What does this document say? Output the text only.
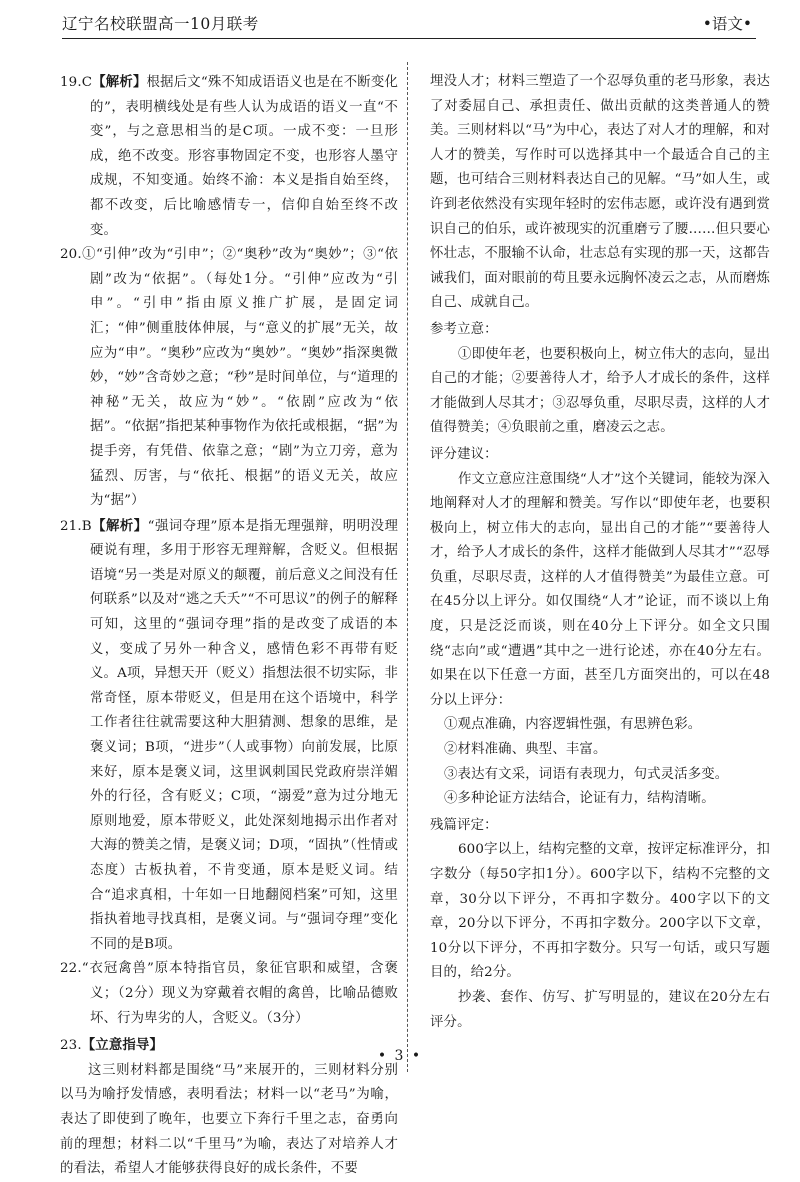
辽宁名校联盟高一10月联考	•语文•

19.C【解析】根据后文“殊不知成语语义也是在不断变化的”，表明横线处是有些人认为成语的语义一直“不变”，与之意思相当的是C项。一成不变：一旦形成，绝不改变。形容事物固定不变，也形容人墨守成规，不知变通。始终不渝：本义是指自始至终，都不改变，后比喻感情专一，信仰自始至终不改变。

20.①“引伸”改为“引申”；②“奥秒”改为“奥妙”；③“依剧”改为“依据”。（每处1分。“引伸”应改为“引申”。“引申”指由原义推广扩展，是固定词汇；“伸”侧重肢体伸展，与“意义的扩展”无关，故应为“申”。“奥秒”应改为“奥妙”。“奥妙”指深奥微妙，“妙”含奇妙之意；“秒”是时间单位，与“道理的神秘”无关，故应为“妙”。“依剧”应改为“依据”。“依据”指把某种事物作为依托或根据，“据”为提手旁，有凭借、依靠之意；“剧”为立刀旁，意为猛烈、厉害，与“依托、根据”的语义无关，故应为“据”）

21.B【解析】“强词夺理”原本是指无理强辩，明明没理硬说有理，多用于形容无理辩解，含贬义。但根据语境“另一类是对原义的颠覆，前后意义之间没有任何联系”以及对“逃之夭夭”“不可思议”的例子的解释可知，这里的“强词夺理”指的是改变了成语的本义，变成了另外一种含义，感情色彩不再带有贬义。A项，异想天开（贬义）指想法很不切实际，非常奇怪，原本带贬义，但是用在这个语境中，科学工作者往往就需要这种大胆猜测、想象的思维，是褒义词；B项，“进步”（人或事物）向前发展，比原来好，原本是褒义词，这里讽刺国民党政府崇洋媚外的行径，含有贬义；C项，“溺爱”意为过分地无原则地爱，原本带贬义，此处深刻地揭示出作者对大海的赞美之情，是褒义词；D项，“固执”（性情或态度）古板执着，不肯变通，原本是贬义词。结合“追求真相，十年如一日地翻阅档案”可知，这里指执着地寻找真相，是褒义词。与“强词夺理”变化不同的是B项。

22.“衣冠禽兽”原本特指官员，象征官职和威望，含褒义；（2分）现义为穿戴着衣帽的禽兽，比喻品德败坏、行为卑劣的人，含贬义。（3分）

23.【立意指导】

这三则材料都是围绕“马”来展开的，三则材料分别以马为喻抒发情感，表明看法；材料一以“老马”为喻，表达了即使到了晚年，也要立下奔行千里之志，奋勇向前的理想；材料二以“千里马”为喻，表达了对培养人才的看法，希望人才能够获得良好的成长条件，不要

埋没人才；材料三塑造了一个忍辱负重的老马形象，表达了对委屈自己、承担责任、做出贡献的这类普通人的赞美。三则材料以“马”为中心，表达了对人才的理解，和对人才的赞美，写作时可以选择其中一个最适合自己的主题，也可结合三则材料表达自己的见解。“马”如人生，或许到老依然没有实现年轻时的宏伟志愿，或许没有遇到赏识自己的伯乐，或许被现实的沉重磨亏了腰……但只要心怀壮志，不服输不认命，壮志总有实现的那一天，这都告诫我们，面对眼前的苟且要永远胸怀凌云之志，从而磨炼自己、成就自己。

参考立意：

①即使年老，也要积极向上，树立伟大的志向，显出自己的才能；②要善待人才，给予人才成长的条件，这样才能做到人尽其才；③忍辱负重，尽职尽责，这样的人才值得赞美；④负眼前之重，磨凌云之志。

评分建议：

作文立意应注意围绕“人才”这个关键词，能较为深入地阐释对人才的理解和赞美。写作以“即使年老，也要积极向上，树立伟大的志向，显出自己的才能”“要善待人才，给予人才成长的条件，这样才能做到人尽其才”“忍辱负重，尽职尽责，这样的人才值得赞美”为最佳立意。可在45分以上评分。如仅围绕“人才”论证，而不谈以上角度，只是泛泛而谈，则在40分上下评分。如全文只围绕“志向”或“遭遇”其中之一进行论述，亦在40分左右。如果在以下任意一方面，甚至几方面突出的，可以在48分以上评分：

①观点准确，内容逻辑性强，有思辨色彩。

②材料准确、典型、丰富。

③表达有文采，词语有表现力，句式灵活多变。

④多种论证方法结合，论证有力，结构清晰。

残篇评定：

600字以上，结构完整的文章，按评定标准评分，扣字数分（每50字扣1分）。600字以下，结构不完整的文章，30分以下评分，不再扣字数分。400字以下的文章，20分以下评分，不再扣字数分。200字以下文章，10分以下评分，不再扣字数分。只写一句话，或只写题目的，给2分。

抄袭、套作、仿写、扩写明显的，建议在20分左右评分。

• 3 •
